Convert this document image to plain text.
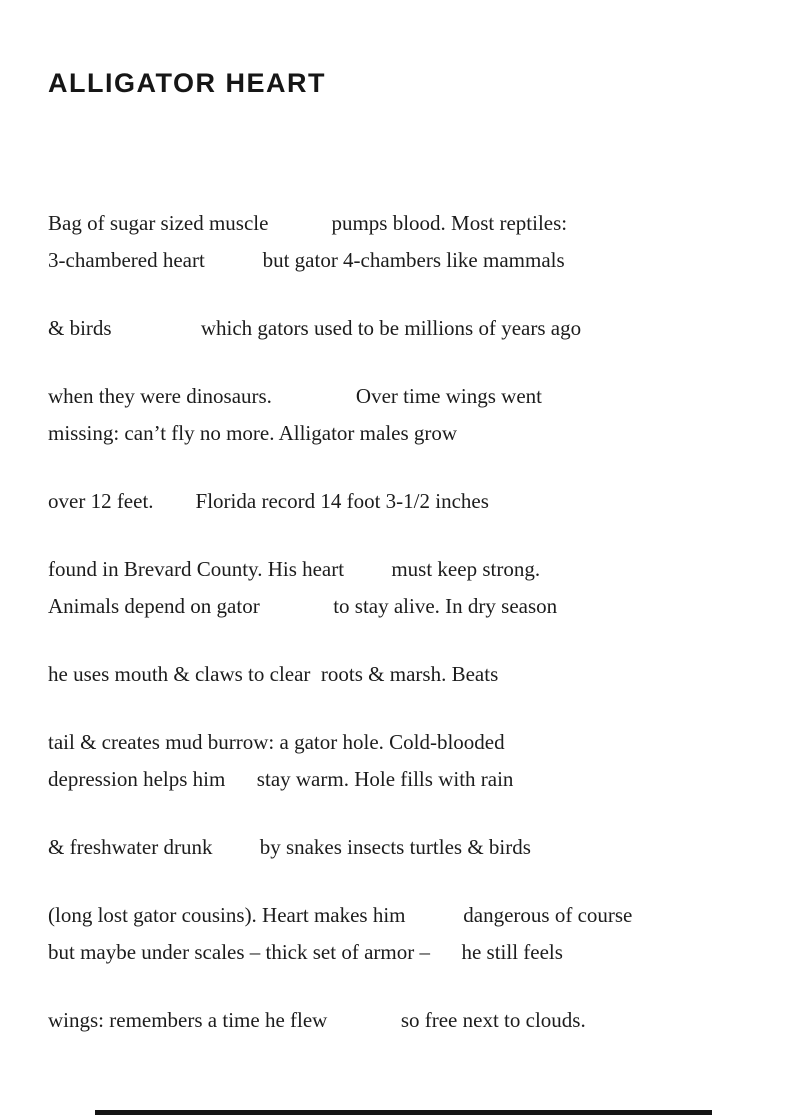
ALLIGATOR HEART
Bag of sugar sized muscle            pumps blood. Most reptiles:
3-chambered heart           but gator 4-chambers like mammals
& birds                 which gators used to be millions of years ago
when they were dinosaurs.                Over time wings went
missing: can’t fly no more. Alligator males grow
over 12 feet.        Florida record 14 foot 3-1/2 inches
found in Brevard County. His heart         must keep strong.
Animals depend on gator              to stay alive. In dry season
he uses mouth & claws to clear  roots & marsh. Beats
tail & creates mud burrow: a gator hole. Cold-blooded
depression helps him      stay warm. Hole fills with rain
& freshwater drunk         by snakes insects turtles & birds
(long lost gator cousins). Heart makes him           dangerous of course
but maybe under scales – thick set of armor –      he still feels
wings: remembers a time he flew              so free next to clouds.
